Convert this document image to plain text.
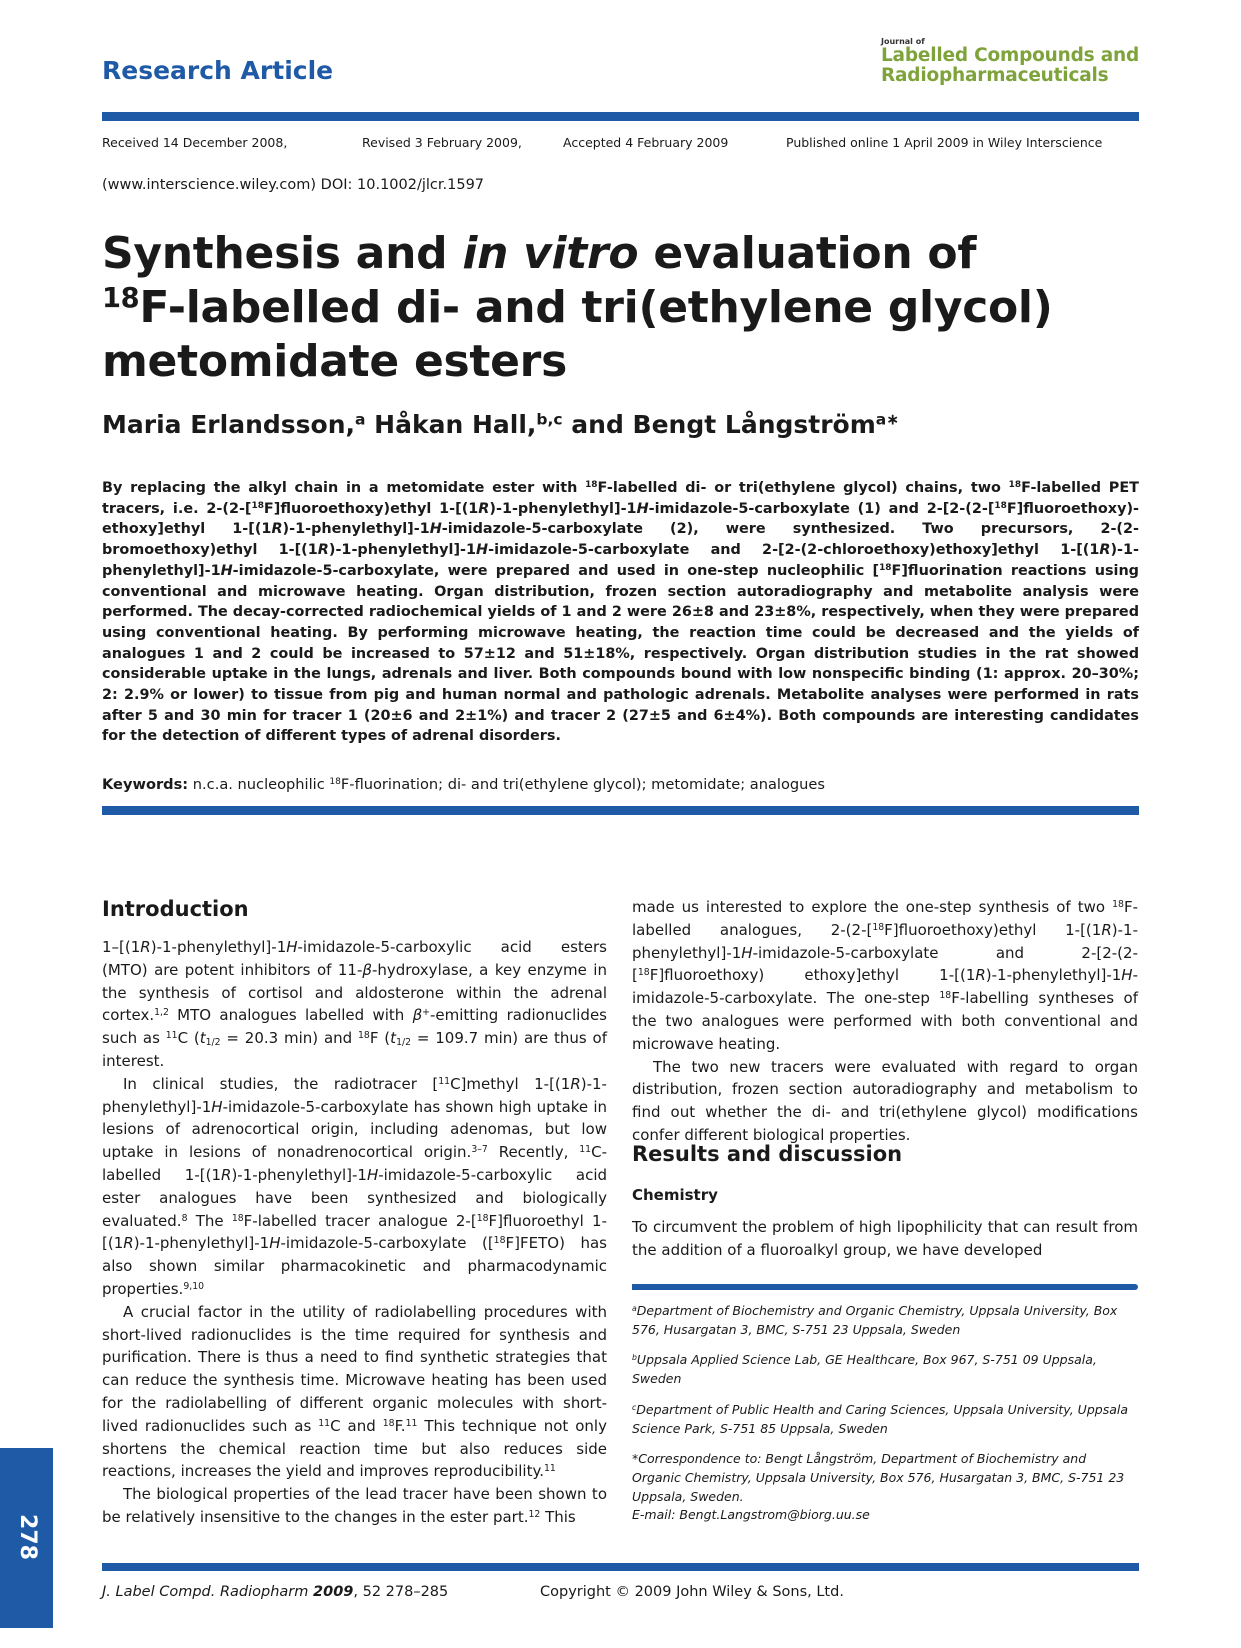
Research Article
Journal of
Labelled Compounds and
Radiopharmaceuticals
Received 14 December 2008,	Revised 3 February 2009,	Accepted 4 February 2009	Published online 1 April 2009 in Wiley Interscience
(www.interscience.wiley.com) DOI: 10.1002/jlcr.1597
Synthesis and in vitro evaluation of
$^{18}$F-labelled di- and tri(ethylene glycol)
metomidate esters
Maria Erlandsson,$^a$ Håkan Hall,$^{b,c}$ and Bengt Långström$^{a∗}$
By replacing the alkyl chain in a metomidate ester with $^{18}$F-labelled di- or tri(ethylene glycol) chains, two $^{18}$F-labelled PET tracers, i.e. 2-(2-[$^{18}$F]fluoroethoxy)ethyl 1-[(1R)-1-phenylethyl]-1H-imidazole-5-carboxylate (1) and 2-[2-(2-[$^{18}$F]fluoroethoxy)-ethoxy]ethyl 1-[(1R)-1-phenylethyl]-1H-imidazole-5-carboxylate (2), were synthesized. Two precursors, 2-(2-bromoethoxy)ethyl 1-[(1R)-1-phenylethyl]-1H-imidazole-5-carboxylate and 2-[2-(2-chloroethoxy)ethoxy]ethyl 1-[(1R)-1-phenylethyl]-1H-imidazole-5-carboxylate, were prepared and used in one-step nucleophilic [$^{18}$F]fluorination reactions using conventional and microwave heating. Organ distribution, frozen section autoradiography and metabolite analysis were performed. The decay-corrected radiochemical yields of 1 and 2 were 26±8 and 23±8%, respectively, when they were prepared using conventional heating. By performing microwave heating, the reaction time could be decreased and the yields of analogues 1 and 2 could be increased to 57±12 and 51±18%, respectively. Organ distribution studies in the rat showed considerable uptake in the lungs, adrenals and liver. Both compounds bound with low nonspecific binding (1: approx. 20–30%; 2: 2.9% or lower) to tissue from pig and human normal and pathologic adrenals. Metabolite analyses were performed in rats after 5 and 30 min for tracer 1 (20±6 and 2±1%) and tracer 2 (27±5 and 6±4%). Both compounds are interesting candidates for the detection of different types of adrenal disorders.
Keywords: n.c.a. nucleophilic $^{18}$F-fluorination; di- and tri(ethylene glycol); metomidate; analogues
Introduction

1–[(1R)-1-phenylethyl]-1H-imidazole-5-carboxylic acid esters (MTO) are potent inhibitors of 11-β-hydroxylase, a key enzyme in the synthesis of cortisol and aldosterone within the adrenal cortex.$^{1,2}$ MTO analogues labelled with β+-emitting radionuclides such as $^{11}$C ($t_{1/2} = 20.3$ min) and $^{18}$F ($t_{1/2} = 109.7$ min) are thus of interest.

In clinical studies, the radiotracer [$^{11}$C]methyl 1-[(1R)-1-phenylethyl]-1H-imidazole-5-carboxylate has shown high uptake in lesions of adrenocortical origin, including adenomas, but low uptake in lesions of nonadrenocortical origin.$^{3-7}$ Recently, $^{11}$C-labelled 1-[(1R)-1-phenylethyl]-1H-imidazole-5-carboxylic acid ester analogues have been synthesized and biologically evaluated.$^8$ The $^{18}$F-labelled tracer analogue 2-[$^{18}$F]fluoroethyl 1-[(1R)-1-phenylethyl]-1H-imidazole-5-carboxylate ([$^{18}$F]FETO) has also shown similar pharmacokinetic and pharmacodynamic properties.$^{9,10}$

A crucial factor in the utility of radiolabelling procedures with short-lived radionuclides is the time required for synthesis and purification. There is thus a need to find synthetic strategies that can reduce the synthesis time. Microwave heating has been used for the radiolabelling of different organic molecules with short-lived radionuclides such as $^{11}$C and $^{18}$F.$^{11}$ This technique not only shortens the chemical reaction time but also reduces side reactions, increases the yield and improves reproducibility.$^{11}$

The biological properties of the lead tracer have been shown to be relatively insensitive to the changes in the ester part.$^{12}$ This

made us interested to explore the one-step synthesis of two $^{18}$F-labelled analogues, 2-(2-[$^{18}$F]fluoroethoxy)ethyl 1-[(1R)-1-phenylethyl]-1H-imidazole-5-carboxylate and 2-[2-(2-[$^{18}$F]fluoroethoxy) ethoxy]ethyl 1-[(1R)-1-phenylethyl]-1H-imidazole-5-carboxylate. The one-step $^{18}$F-labelling syntheses of the two analogues were performed with both conventional and microwave heating.

The two new tracers were evaluated with regard to organ distribution, frozen section autoradiography and metabolism to find out whether the di- and tri(ethylene glycol) modifications confer different biological properties.

Results and discussion
Chemistry

To circumvent the problem of high lipophilicity that can result from the addition of a fluoroalkyl group, we have developed

$^a$Department of Biochemistry and Organic Chemistry, Uppsala University, Box 576, Husargatan 3, BMC, S-751 23 Uppsala, Sweden

$^b$Uppsala Applied Science Lab, GE Healthcare, Box 967, S-751 09 Uppsala, Sweden

$^c$Department of Public Health and Caring Sciences, Uppsala University, Uppsala Science Park, S-751 85 Uppsala, Sweden

*Correspondence to: Bengt Långström, Department of Biochemistry and Organic Chemistry, Uppsala University, Box 576, Husargatan 3, BMC, S-751 23 Uppsala, Sweden.

E-mail: Bengt.Langstrom@biorg.uu.se

278
J. Label Compd. Radiopharm 2009, 52 278–285	Copyright © 2009 John Wiley & Sons, Ltd.
